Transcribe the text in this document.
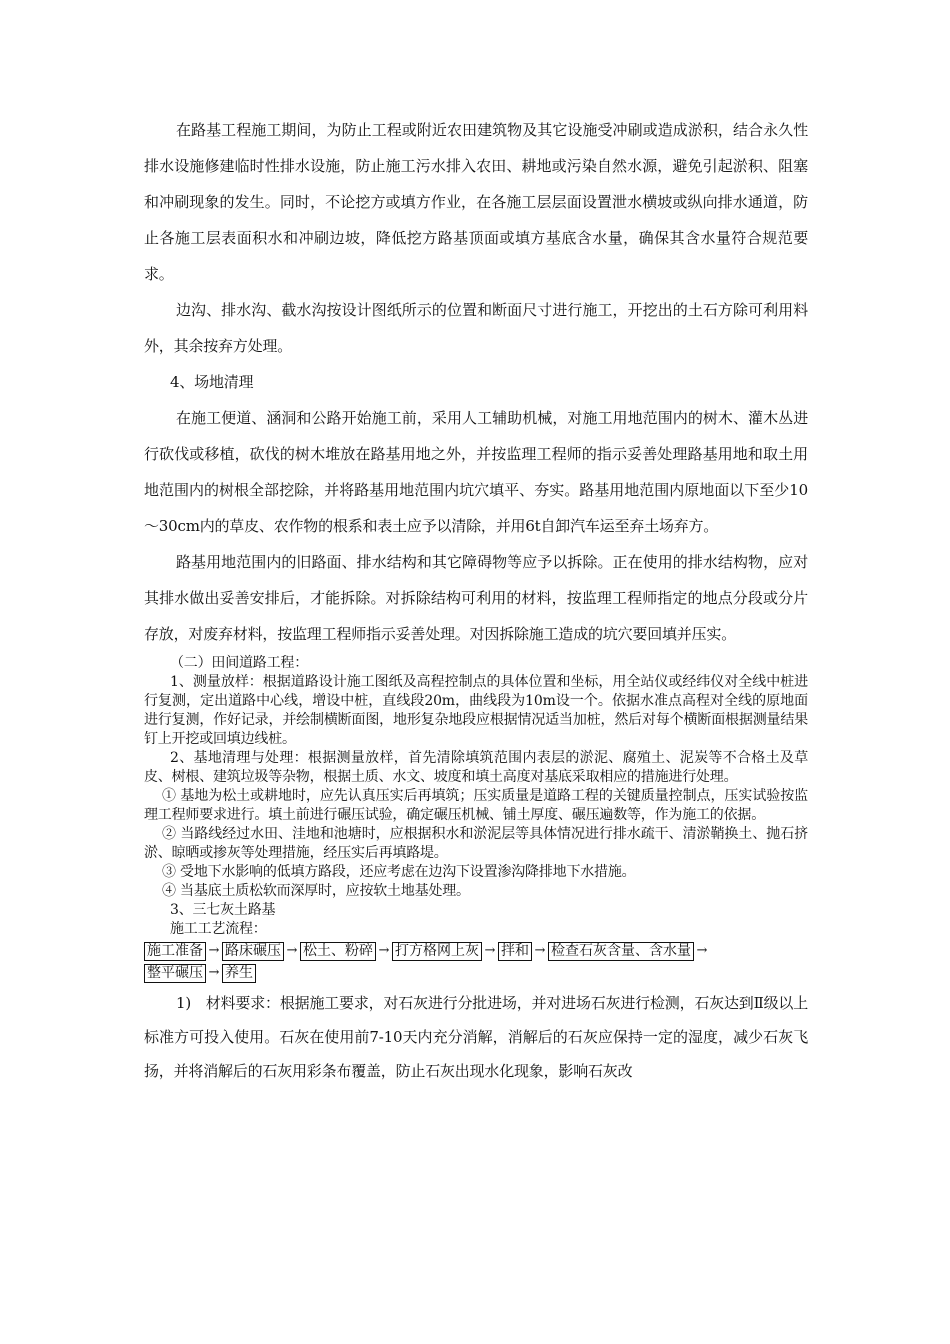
在路基工程施工期间，为防止工程或附近农田建筑物及其它设施受冲刷或造成淤积，结合永久性排水设施修建临时性排水设施，防止施工污水排入农田、耕地或污染自然水源，避免引起淤积、阻塞和冲刷现象的发生。同时，不论挖方或填方作业，在各施工层层面设置泄水横坡或纵向排水通道，防止各施工层表面积水和冲刷边坡，降低挖方路基顶面或填方基底含水量，确保其含水量符合规范要求。

边沟、排水沟、截水沟按设计图纸所示的位置和断面尺寸进行施工，开挖出的土石方除可利用料外，其余按弃方处理。

4、场地清理

在施工便道、涵洞和公路开始施工前，采用人工辅助机械，对施工用地范围内的树木、灌木丛进行砍伐或移植，砍伐的树木堆放在路基用地之外，并按监理工程师的指示妥善处理路基用地和取土用地范围内的树根全部挖除，并将路基用地范围内坑穴填平、夯实。路基用地范围内原地面以下至少10～30cm内的草皮、农作物的根系和表土应予以清除，并用6t自卸汽车运至弃土场弃方。

路基用地范围内的旧路面、排水结构和其它障碍物等应予以拆除。正在使用的排水结构物，应对其排水做出妥善安排后，才能拆除。对拆除结构可利用的材料，按监理工程师指定的地点分段或分片存放，对废弃材料，按监理工程师指示妥善处理。对因拆除施工造成的坑穴要回填并压实。

（二）田间道路工程：

1、测量放样：根据道路设计施工图纸及高程控制点的具体位置和坐标，用全站仪或经纬仪对全线中桩进行复测，定出道路中心线，增设中桩，直线段20m，曲线段为10m设一个。依据水准点高程对全线的原地面进行复测，作好记录，并绘制横断面图，地形复杂地段应根据情况适当加桩，然后对每个横断面根据测量结果钉上开挖或回填边线桩。

2、基地清理与处理：根据测量放样，首先清除填筑范围内表层的淤泥、腐殖土、泥炭等不合格土及草皮、树根、建筑垃圾等杂物，根据土质、水文、坡度和填土高度对基底采取相应的措施进行处理。

① 基地为松土或耕地时，应先认真压实后再填筑；压实质量是道路工程的关键质量控制点，压实试验按监理工程师要求进行。填土前进行碾压试验，确定碾压机械、铺土厚度、碾压遍数等，作为施工的依据。

② 当路线经过水田、洼地和池塘时，应根据积水和淤泥层等具体情况进行排水疏干、清淤鞘换土、抛石挤淤、晾晒或掺灰等处理措施，经压实后再填路堤。

③ 受地下水影响的低填方路段，还应考虑在边沟下设置渗沟降排地下水措施。

④ 当基底土质松软而深厚时，应按软土地基处理。

3、三七灰土路基

施工工艺流程：

施工准备 → 路床碾压 → 松土、粉碎 → 打方格网上灰 → 拌和 → 检查石灰含量、含水量 →
整平碾压 → 养生

1)　材料要求：根据施工要求，对石灰进行分批进场，并对进场石灰进行检测，石灰达到Ⅱ级以上标准方可投入使用。石灰在使用前7-10天内充分消解，消解后的石灰应保持一定的湿度，减少石灰飞扬，并将消解后的石灰用彩条布覆盖，防止石灰出现水化现象，影响石灰改
